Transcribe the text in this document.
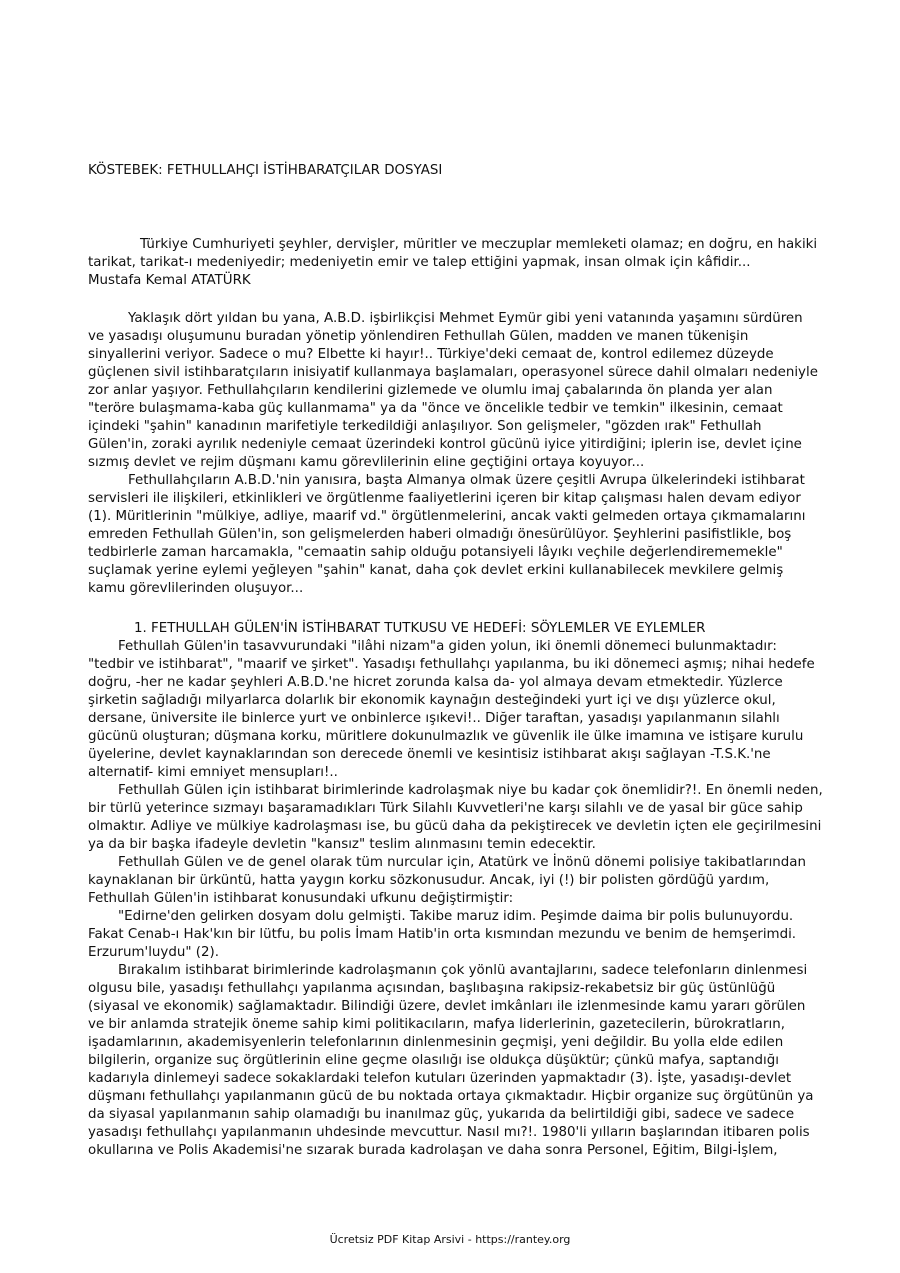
KÖSTEBEK: FETHULLAHÇI İSTİHBARATÇILAR DOSYASI

Türkiye Cumhuriyeti şeyhler, dervişler, müritler ve meczuplar memleketi olamaz; en doğru, en hakiki tarikat, tarikat-ı medeniyedir; medeniyetin emir ve talep ettiğini yapmak, insan olmak için kâfidir...

Mustafa Kemal ATATÜRK

Yaklaşık dört yıldan bu yana, A.B.D. işbirlikçisi Mehmet Eymür gibi yeni vatanında yaşamını sürdüren ve yasadışı oluşumunu buradan yönetip yönlendiren Fethullah Gülen, madden ve manen tükenişin sinyallerini veriyor. Sadece o mu? Elbette ki hayır!.. Türkiye'deki cemaat de, kontrol edilemez düzeyde güçlenen sivil istihbaratçıların inisiyatif kullanmaya başlamaları, operasyonel sürece dahil olmaları nedeniyle zor anlar yaşıyor. Fethullahçıların kendilerini gizlemede ve olumlu imaj çabalarında ön planda yer alan "teröre bulaşmama-kaba güç kullanmama" ya da "önce ve öncelikle tedbir ve temkin" ilkesinin, cemaat içindeki "şahin" kanadının marifetiyle terkedildiği anlaşılıyor. Son gelişmeler, "gözden ırak" Fethullah Gülen'in, zoraki ayrılık nedeniyle cemaat üzerindeki kontrol gücünü iyice yitirdiğini; iplerin ise, devlet içine sızmış devlet ve rejim düşmanı kamu görevlilerinin eline geçtiğini ortaya koyuyor...

Fethullahçıların A.B.D.'nin yanısıra, başta Almanya olmak üzere çeşitli Avrupa ülkelerindeki istihbarat servisleri ile ilişkileri, etkinlikleri ve örgütlenme faaliyetlerini içeren bir kitap çalışması halen devam ediyor (1). Müritlerinin "mülkiye, adliye, maarif vd." örgütlenmelerini, ancak vakti gelmeden ortaya çıkmamalarını emreden Fethullah Gülen'in, son gelişmelerden haberi olmadığı önesürülüyor. Şeyhlerini pasifistlikle, boş tedbirlerle zaman harcamakla, "cemaatin sahip olduğu potansiyeli lâyıkı veçhile değerlendirememekle" suçlamak yerine eylemi yeğleyen "şahin" kanat, daha çok devlet erkini kullanabilecek mevkilere gelmiş kamu görevlilerinden oluşuyor...

1. FETHULLAH GÜLEN'İN İSTİHBARAT TUTKUSU VE HEDEFİ: SÖYLEMLER VE EYLEMLER

Fethullah Gülen'in tasavvurundaki "ilâhi nizam"a giden yolun, iki önemli dönemeci bulunmaktadır: "tedbir ve istihbarat", "maarif ve şirket". Yasadışı fethullahçı yapılanma, bu iki dönemeci aşmış; nihai hedefe doğru, -her ne kadar şeyhleri A.B.D.'ne hicret zorunda kalsa da- yol almaya devam etmektedir. Yüzlerce şirketin sağladığı milyarlarca dolarlık bir ekonomik kaynağın desteğindeki yurt içi ve dışı yüzlerce okul, dersane, üniversite ile binlerce yurt ve onbinlerce ışıkevi!.. Diğer taraftan, yasadışı yapılanmanın silahlı gücünü oluşturan; düşmana korku, müritlere dokunulmazlık ve güvenlik ile ülke imamına ve istişare kurulu üyelerine, devlet kaynaklarından son derecede önemli ve kesintisiz istihbarat akışı sağlayan -T.S.K.'ne alternatif- kimi emniyet mensupları!..

Fethullah Gülen için istihbarat birimlerinde kadrolaşmak niye bu kadar çok önemlidir?!. En önemli neden, bir türlü yeterince sızmayı başaramadıkları Türk Silahlı Kuvvetleri'ne karşı silahlı ve de yasal bir güce sahip olmaktır. Adliye ve mülkiye kadrolaşması ise, bu gücü daha da pekiştirecek ve devletin içten ele geçirilmesini ya da bir başka ifadeyle devletin "kansız" teslim alınmasını temin edecektir.

Fethullah Gülen ve de genel olarak tüm nurcular için, Atatürk ve İnönü dönemi polisiye takibatlarından kaynaklanan bir ürküntü, hatta yaygın korku sözkonusudur. Ancak, iyi (!) bir polisten gördüğü yardım, Fethullah Gülen'in istihbarat konusundaki ufkunu değiştirmiştir:

"Edirne'den gelirken dosyam dolu gelmişti. Takibe maruz idim. Peşimde daima bir polis bulunuyordu. Fakat Cenab-ı Hak'kın bir lütfu, bu polis İmam Hatib'in orta kısmından mezundu ve benim de hemşerimdi. Erzurum'luydu" (2).

Bırakalım istihbarat birimlerinde kadrolaşmanın çok yönlü avantajlarını, sadece telefonların dinlenmesi olgusu bile, yasadışı fethullahçı yapılanma açısından, başlıbaşına rakipsiz-rekabetsiz bir güç üstünlüğü (siyasal ve ekonomik) sağlamaktadır. Bilindiği üzere, devlet imkânları ile izlenmesinde kamu yararı görülen ve bir anlamda stratejik öneme sahip kimi politikacıların, mafya liderlerinin, gazetecilerin, bürokratların, işadamlarının, akademisyenlerin telefonlarının dinlenmesinin geçmişi, yeni değildir. Bu yolla elde edilen bilgilerin, organize suç örgütlerinin eline geçme olasılığı ise oldukça düşüktür; çünkü mafya, saptandığı kadarıyla dinlemeyi sadece sokaklardaki telefon kutuları üzerinden yapmaktadır (3). İşte, yasadışı-devlet düşmanı fethullahçı yapılanmanın gücü de bu noktada ortaya çıkmaktadır. Hiçbir organize suç örgütünün ya da siyasal yapılanmanın sahip olamadığı bu inanılmaz güç, yukarıda da belirtildiği gibi, sadece ve sadece yasadışı fethullahçı yapılanmanın uhdesinde mevcuttur. Nasıl mı?!. 1980'li yılların başlarından itibaren polis okullarına ve Polis Akademisi'ne sızarak burada kadrolaşan ve daha sonra Personel, Eğitim, Bilgi-İşlem,

Ücretsiz PDF Kitap Arsivi - https://rantey.org
